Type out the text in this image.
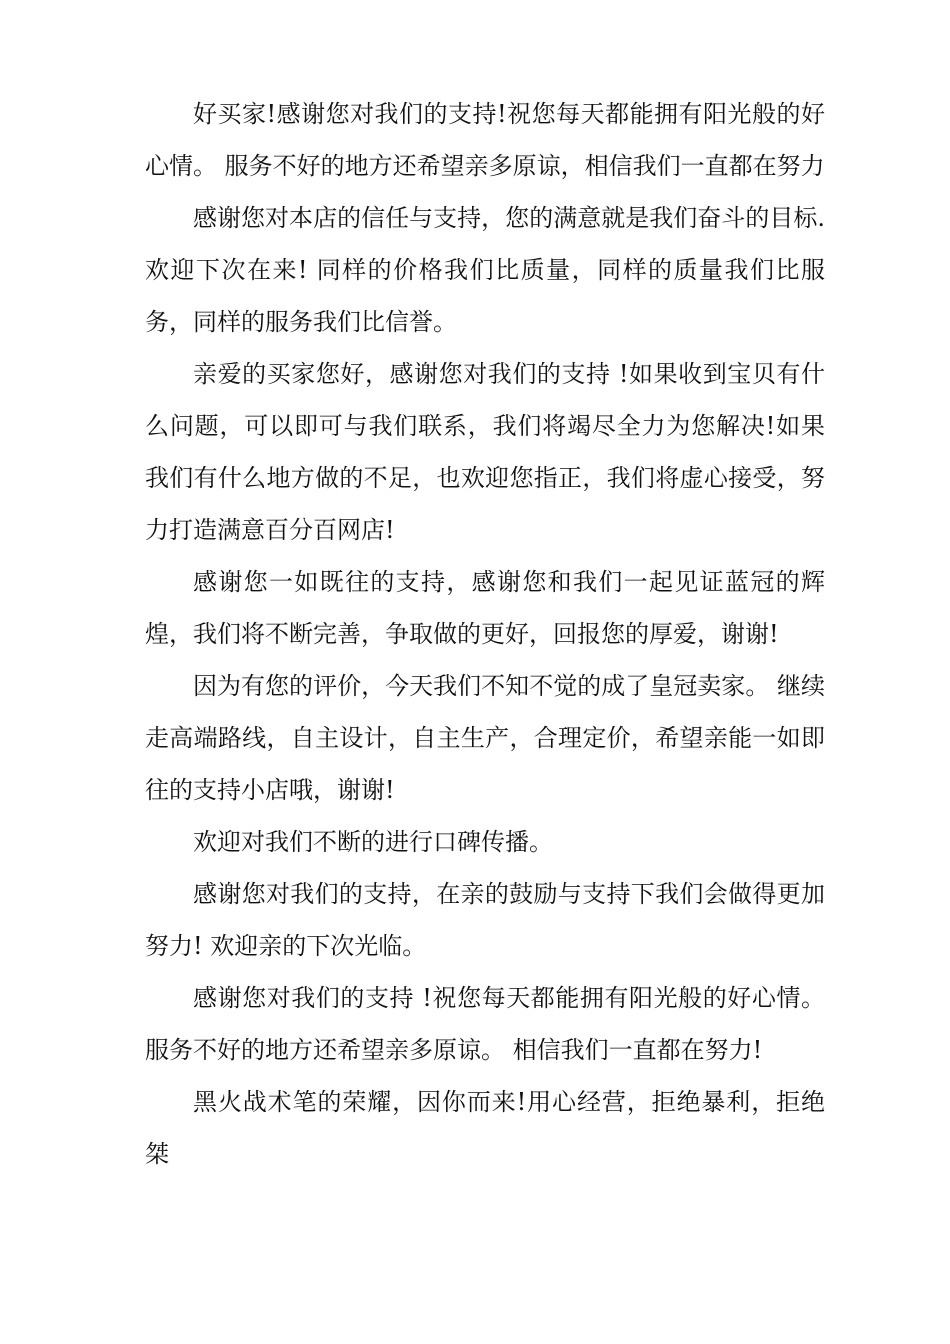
好买家!感谢您对我们的支持!祝您每天都能拥有阳光般的好心情。 服务不好的地方还希望亲多原谅，相信我们一直都在努力

感谢您对本店的信任与支持，您的满意就是我们奋斗的目标.欢迎下次在来! 同样的价格我们比质量，同样的质量我们比服务，同样的服务我们比信誉。

亲爱的买家您好，感谢您对我们的支持 !如果收到宝贝有什么问题，可以即可与我们联系，我们将竭尽全力为您解决!如果我们有什么地方做的不足，也欢迎您指正，我们将虚心接受，努力打造满意百分百网店!

感谢您一如既往的支持，感谢您和我们一起见证蓝冠的辉煌，我们将不断完善，争取做的更好，回报您的厚爱，谢谢!

因为有您的评价，今天我们不知不觉的成了皇冠卖家。 继续走高端路线，自主设计，自主生产，合理定价，希望亲能一如即往的支持小店哦，谢谢!

欢迎对我们不断的进行口碑传播。

感谢您对我们的支持，在亲的鼓励与支持下我们会做得更加努力! 欢迎亲的下次光临。

感谢您对我们的支持 !祝您每天都能拥有阳光般的好心情。 服务不好的地方还希望亲多原谅。 相信我们一直都在努力!

黑火战术笔的荣耀，因你而来!用心经营，拒绝暴利，拒绝桀
